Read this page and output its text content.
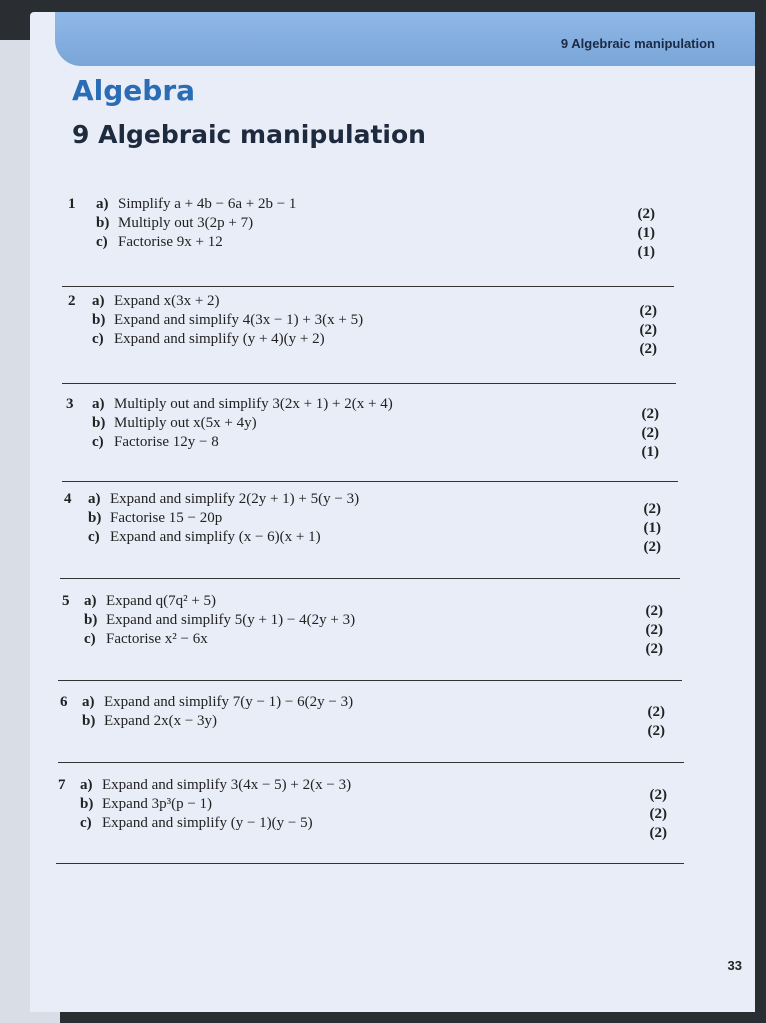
9 Algebraic manipulation
Algebra
9 Algebraic manipulation
1 a) Simplify a + 4b − 6a + 2b − 1
(2)
b) Multiply out 3(2p + 7)
(1)
c) Factorise 9x + 12
(1)
2 a) Expand x(3x + 2)
(2)
b) Expand and simplify 4(3x − 1) + 3(x + 5)
(2)
c) Expand and simplify (y + 4)(y + 2)
(2)
3 a) Multiply out and simplify 3(2x + 1) + 2(x + 4)
(2)
b) Multiply out x(5x + 4y)
(2)
c) Factorise 12y − 8
(1)
4 a) Expand and simplify 2(2y + 1) + 5(y − 3)
(2)
b) Factorise 15 − 20p
(1)
c) Expand and simplify (x − 6)(x + 1)
(2)
5 a) Expand q(7q² + 5)
(2)
b) Expand and simplify 5(y + 1) − 4(2y + 3)
(2)
c) Factorise x² − 6x
(2)
6 a) Expand and simplify 7(y − 1) − 6(2y − 3)
(2)
b) Expand 2x(x − 3y)
(2)
7 a) Expand and simplify 3(4x − 5) + 2(x − 3)
(2)
b) Expand 3p³(p − 1)
(2)
c) Expand and simplify (y − 1)(y − 5)
(2)
33
